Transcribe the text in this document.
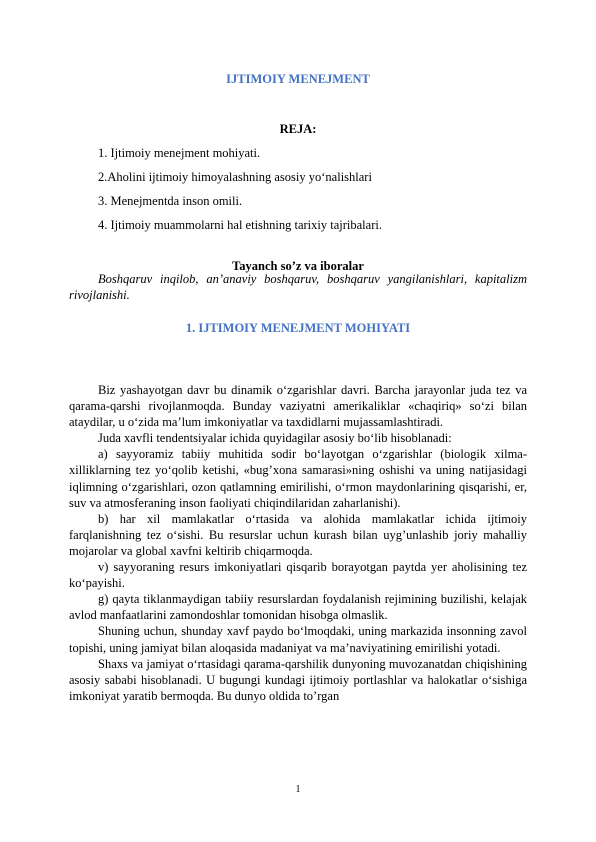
IJTIMOIY MENEJMENT
REJA:
1. Ijtimoiy menejment mohiyati.
2.Aholini ijtimoiy himoyalashning asosiy yo‘nalishlari
3. Menejmentda inson omili.
4. Ijtimoiy muammolarni hal etishning tarixiy tajribalari.
Tayanch so’z va iboralar

Boshqaruv inqilob, an’anaviy boshqaruv, boshqaruv yangilanishlari, kapitalizm rivojlanishi.

1. IJTIMOIY MENEJMENT MOHIYATI

Biz yashayotgan davr bu dinamik o‘zgarishlar davri. Barcha jarayonlar juda tez va qarama-qarshi rivojlanmoqda. Bunday vaziyatni amerikaliklar «chaqiriq» so‘zi bilan ataydilar, u o‘zida ma’lum imkoniyatlar va taxdidlarni mujassamlashtiradi.

Juda xavfli tendentsiyalar ichida quyidagilar asosiy bo‘lib hisoblanadi:

a) sayyoramiz tabiiy muhitida sodir bo‘layotgan o‘zgarishlar (biologik xilma-xilliklarning tez yo‘qolib ketishi, «bug’xona samarasi»ning oshishi va uning natijasidagi iqlimning o‘zgarishlari, ozon qatlamning emirilishi, o‘rmon maydonlarining qisqarishi, er, suv va atmosferaning inson faoliyati chiqindilaridan zaharlanishi).

b) har xil mamlakatlar o‘rtasida va alohida mamlakatlar ichida ijtimoiy farqlanishning tez o‘sishi. Bu resurslar uchun kurash bilan uyg’unlashib joriy mahalliy mojarolar va global xavfni keltirib chiqarmoqda.

v) sayyoraning resurs imkoniyatlari qisqarib borayotgan paytda yer aholisining tez ko‘payishi.

g) qayta tiklanmaydigan tabiiy resurslardan foydalanish rejimining buzilishi, kelajak avlod manfaatlarini zamondoshlar tomonidan hisobga olmaslik.

Shuning uchun, shunday xavf paydo bo‘lmoqdaki, uning markazida insonning zavol topishi, uning jamiyat bilan aloqasida madaniyat va ma’naviyatining emirilishi yotadi.

Shaxs va jamiyat o‘rtasidagi qarama-qarshilik dunyoning muvozanatdan chiqishining asosiy sababi hisoblanadi. U bugungi kundagi ijtimoiy portlashlar va halokatlar o‘sishiga imkoniyat yaratib bermoqda. Bu dunyo oldida to’rgan

1
